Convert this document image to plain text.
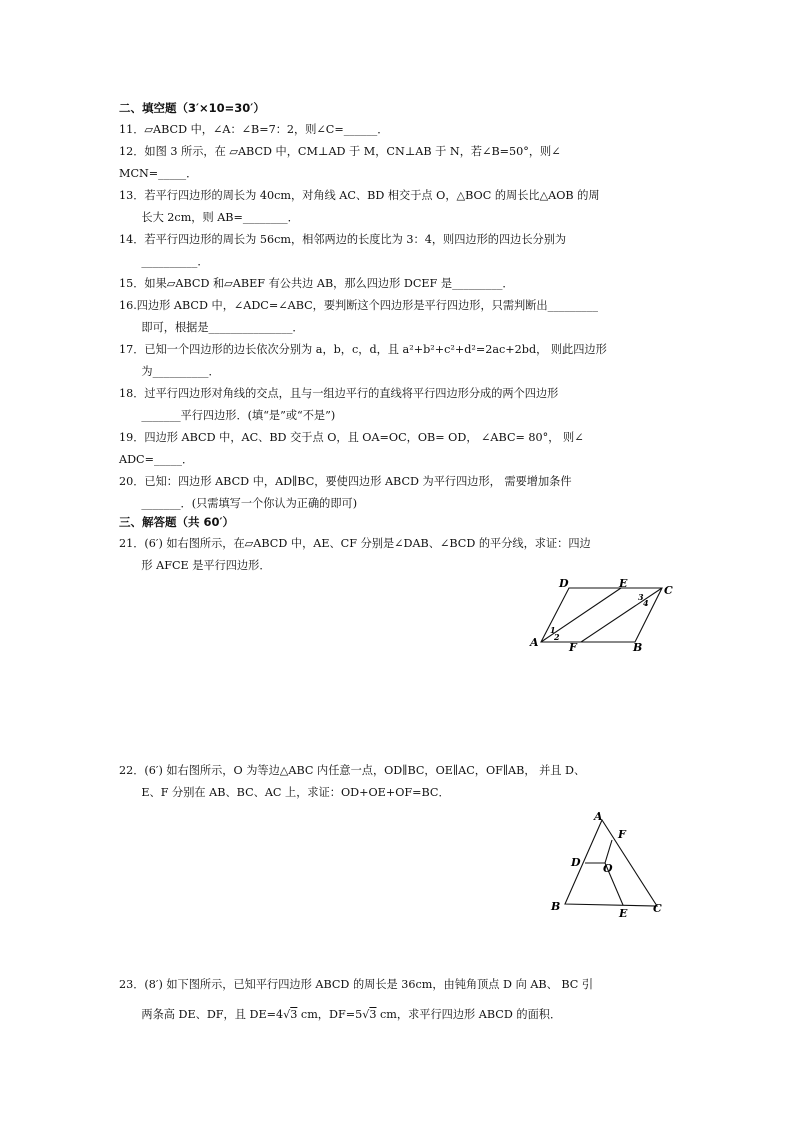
二、填空题（3′×10=30′）

11．▱ABCD 中，∠A：∠B=7：2，则∠C=______．

12．如图 3 所示，在 ▱ABCD 中，CM⊥AD 于 M，CN⊥AB 于 N，若∠B=50°，则∠

MCN=_____．

13．若平行四边形的周长为 40cm，对角线 AC、BD 相交于点 O，△BOC 的周长比△AOB 的周

　　长大 2cm，则 AB=________．

14．若平行四边形的周长为 56cm，相邻两边的长度比为 3：4，则四边形的四边长分别为

　　__________．

15．如果▱ABCD 和▱ABEF 有公共边 AB，那么四边形 DCEF 是_________．

16.四边形 ABCD 中，∠ADC=∠ABC，要判断这个四边形是平行四边形，只需判断出_________

　　即可，根据是_______________．

17．已知一个四边形的边长依次分别为 a，b，c，d，且 a²+b²+c²+d²=2ac+2bd， 则此四边形

　　为__________．

18．过平行四边形对角线的交点，且与一组边平行的直线将平行四边形分成的两个四边形

　　_______平行四边形．(填“是”或“不是”)

19．四边形 ABCD 中，AC、BD 交于点 O，且 OA=OC，OB= OD， ∠ABC= 80°， 则∠

ADC=_____．

20．已知：四边形 ABCD 中，AD∥BC，要使四边形 ABCD 为平行四边形， 需要增加条件

　　_______．(只需填写一个你认为正确的即可)

三、解答题（共 60′）

21．(6′) 如右图所示，在▱ABCD 中，AE、CF 分别是∠DAB、∠BCD 的平分线，求证：四边

　　形 AFCE 是平行四边形．

D	E
C
A	F	B
1
2
3
4

22．(6′) 如右图所示，O 为等边△ABC 内任意一点，OD∥BC，OE∥AC，OF∥AB， 并且 D、

　　E、F 分别在 AB、BC、AC 上，求证：OD+OE+OF=BC．

A
F
D O
B
E C

23．(8′) 如下图所示，已知平行四边形 ABCD 的周长是 36cm，由钝角顶点 D 向 AB、 BC 引

　　两条高 DE、DF，且 DE=4√3 cm，DF=5√3 cm，求平行四边形 ABCD 的面积．
